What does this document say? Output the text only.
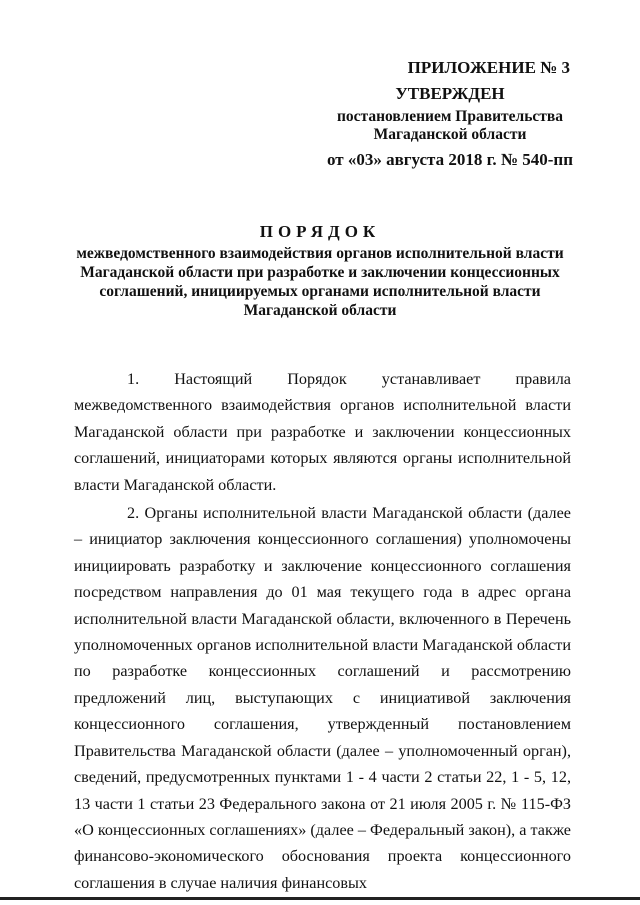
ПРИЛОЖЕНИЕ № 3
УТВЕРЖДЕН
постановлением Правительства
Магаданской области
от «03» августа 2018 г. № 540-пп
ПОРЯДОК
межведомственного взаимодействия органов исполнительной власти Магаданской области при разработке и заключении концессионных соглашений, инициируемых органами исполнительной власти Магаданской области

1. Настоящий Порядок устанавливает правила межведомственного взаимодействия органов исполнительной власти Магаданской области при разработке и заключении концессионных соглашений, инициаторами которых являются органы исполнительной власти Магаданской области.

2. Органы исполнительной власти Магаданской области (далее – инициатор заключения концессионного соглашения) уполномочены инициировать разработку и заключение концессионного соглашения посредством направления до 01 мая текущего года в адрес органа исполнительной власти Магаданской области, включенного в Перечень уполномоченных органов исполнительной власти Магаданской области по разработке концессионных соглашений и рассмотрению предложений лиц, выступающих с инициативой заключения концессионного соглашения, утвержденный постановлением Правительства Магаданской области (далее – уполномоченный орган), сведений, предусмотренных пунктами 1 - 4 части 2 статьи 22, 1 - 5, 12, 13 части 1 статьи 23 Федерального закона от 21 июля 2005 г. № 115-ФЗ «О концессионных соглашениях» (далее – Федеральный закон), а также финансово-экономического обоснования проекта концессионного соглашения в случае наличия финансовых
